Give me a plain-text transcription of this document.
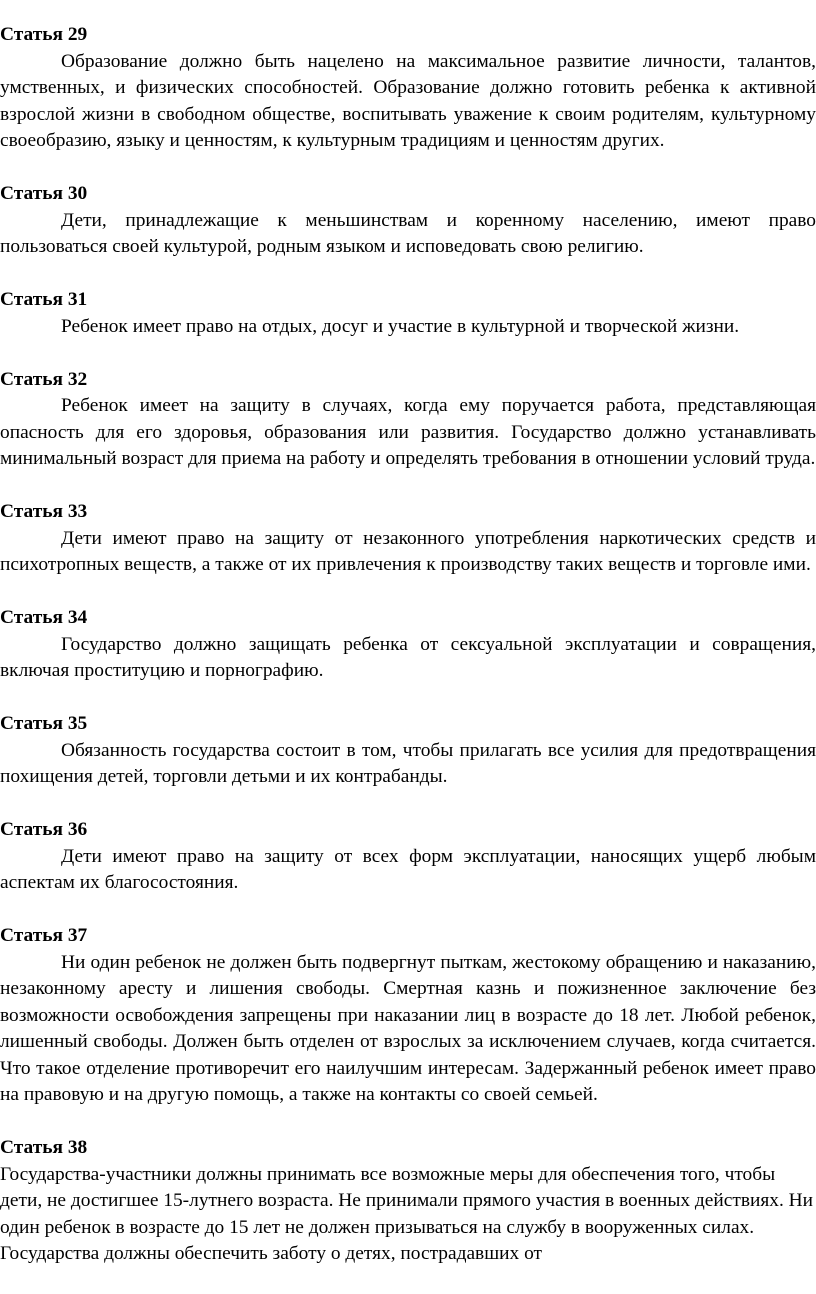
Статья 29

Образование должно быть нацелено на максимальное развитие личности, талантов, умственных, и физических способностей. Образование должно готовить ребенка к активной взрослой жизни в свободном обществе, воспитывать уважение к своим родителям, культурному своеобразию, языку и ценностям, к культурным традициям и ценностям других.

Статья 30

Дети, принадлежащие к меньшинствам и коренному населению, имеют право пользоваться своей культурой, родным языком и исповедовать свою религию.

Статья 31

Ребенок имеет право на отдых, досуг и участие в культурной и творческой жизни.

Статья 32

Ребенок имеет на защиту в случаях, когда ему поручается работа, представляющая опасность для его здоровья, образования или развития. Государство должно устанавливать минимальный возраст для приема на работу и определять требования в отношении условий труда.

Статья 33

Дети имеют право на защиту от незаконного употребления наркотических средств и психотропных веществ, а также от их привлечения к производству таких веществ и торговле ими.

Статья 34

Государство должно защищать ребенка от сексуальной эксплуатации и совращения, включая проституцию и порнографию.

Статья 35

Обязанность государства состоит в том, чтобы прилагать все усилия для предотвращения похищения детей, торговли детьми и их контрабанды.

Статья 36

Дети имеют право на защиту от всех форм эксплуатации, наносящих ущерб любым аспектам их благосостояния.

Статья 37

Ни один ребенок не должен быть подвергнут пыткам, жестокому обращению и наказанию, незаконному аресту и лишения свободы. Смертная казнь и пожизненное заключение без возможности освобождения запрещены при наказании лиц в возрасте до 18 лет. Любой ребенок, лишенный свободы. Должен быть отделен от взрослых за исключением случаев, когда считается. Что такое отделение противоречит его наилучшим интересам. Задержанный ребенок имеет право на правовую и на другую помощь, а также на контакты со своей семьей.

Статья 38

Государства-участники должны принимать все возможные меры для обеспечения того, чтобы дети, не достигшее 15-лутнего возраста. Не принимали прямого участия в военных действиях. Ни один ребенок в возрасте до 15 лет не должен призываться на службу в вооруженных силах. Государства должны обеспечить заботу о детях, пострадавших от
